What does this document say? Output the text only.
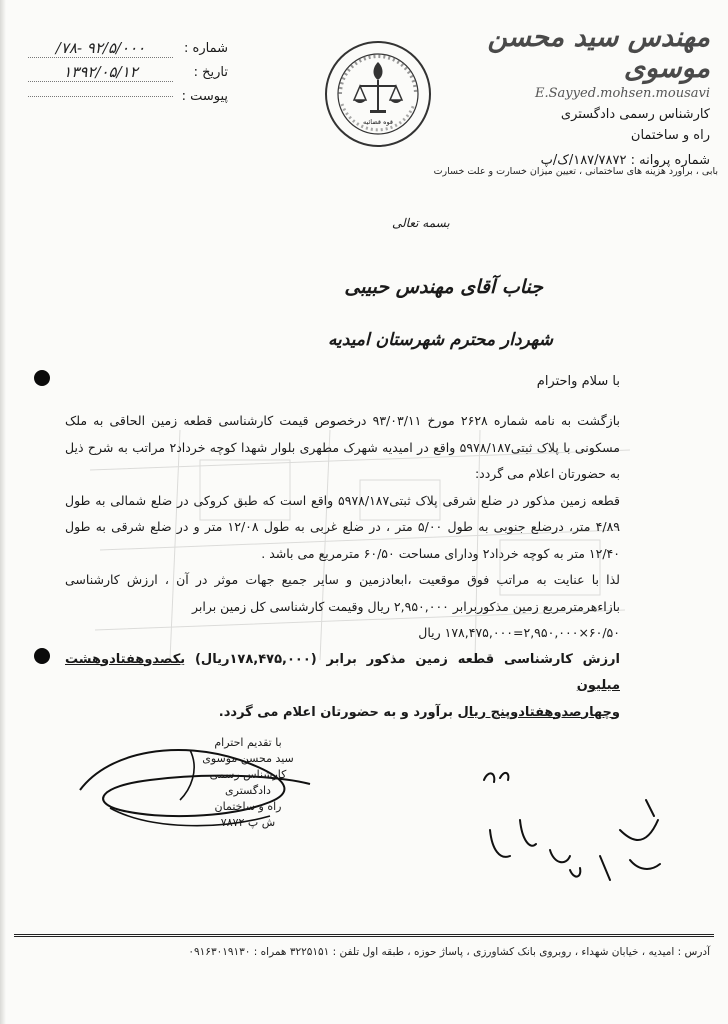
مهندس سید محسن موسوی
E.Sayyed.mohsen.mousavi
کارشناس رسمی دادگستری
راه و ساختمان
شماره پروانه : ۱۸۷/۷۸۷۲/ک/پ
بابی ، برآورد هزینه های ساختمانی ، تعیین میزان خسارت و علت خسارت
شماره :
۹۲/۵/۰۰۰ -۷۸/
تاریخ :
۱۳۹۲/۰۵/۱۲
پیوست :
قوه قضائیه
بسمه تعالی
جناب آقای مهندس حبیبی
شهردار محترم شهرستان امیدیه
با سلام واحترام

بازگشت به نامه شماره ۲۶۲۸ مورخ ۹۳/۰۳/۱۱ درخصوص قیمت کارشناسی قطعه زمین الحاقی به ملک مسکونی با پلاک ثبتی۵۹۷۸/۱۸۷ واقع در امیدیه شهرک مطهری بلوار شهدا کوچه خرداد۲ مراتب به شرح ذیل به حضورتان اعلام می گردد:

قطعه زمین مذکور در ضلع شرقی پلاک ثبتی۵۹۷۸/۱۸۷ واقع است که طبق کروکی در ضلع شمالی به طول ۴/۸۹ متر، درضلع جنوبی به طول ۵/۰۰ متر ، در ضلع غربی به طول ۱۲/۰۸ متر و در ضلع شرقی به طول ۱۲/۴۰ متر به کوچه خرداد۲ ودارای مساحت ۶۰/۵۰ مترمربع می باشد .

لذا با عنایت به مراتب فوق موقعیت ،ابعادزمین و سایر جمیع جهات موثر در آن ، ارزش کارشناسی بازاءهرمترمربع زمین مذکوربرابر ۲,۹۵۰,۰۰۰ ریال وقیمت کارشناسی کل زمین برابر

۶۰/۵۰×۲,۹۵۰,۰۰۰=۱۷۸,۴۷۵,۰۰۰ ریال

ارزش کارشناسی قطعه زمین مذکور برابر (۱۷۸,۴۷۵,۰۰۰ریال) یکصدوهفتادوهشت میلیون
وچهارصدوهفتادوپنج ریال برآورد و به حضورتان اعلام می گردد.

با تقدیم احترام
سید محسن موسوی
کارشناس رسمی دادگستری
راه و ساختمان
ش پ ۷۸۷۲
آدرس : امیدیه ، خیابان شهداء ، روبروی بانک کشاورزی ، پاساژ حوزه ، طبقه اول تلفن : ۳۲۲۵۱۵۱ همراه : ۰۹۱۶۳۰۱۹۱۳۰
